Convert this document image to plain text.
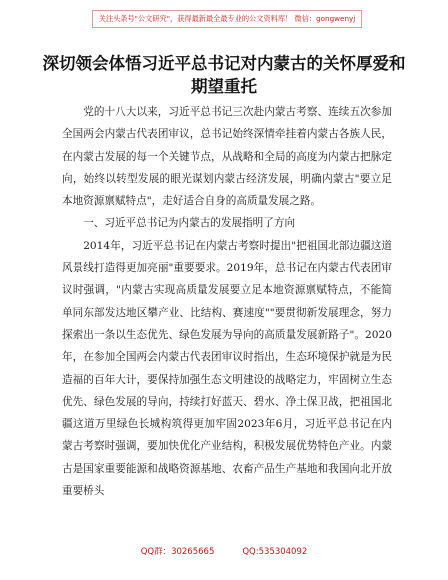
关注头条号"公文研究"，获得最新最全最专业的公文资料库！ 微信：gongwenyj
深切领会体悟习近平总书记对内蒙古的关怀厚爱和期望重托

党的十八大以来，习近平总书记三次赴内蒙古考察、连续五次参加全国两会内蒙古代表团审议，总书记始终深情牵挂着内蒙古各族人民，在内蒙古发展的每一个关键节点，从战略和全局的高度为内蒙古把脉定向，始终以转型发展的眼光谋划内蒙古经济发展，明确内蒙古"要立足本地资源禀赋特点"，走好适合自身的高质量发展之路。

一、习近平总书记为内蒙古的发展指明了方向

2014年，习近平总书记在内蒙古考察时提出"把祖国北部边疆这道风景线打造得更加亮丽"重要要求。2019年，总书记在内蒙古代表团审议时强调，"内蒙古实现高质量发展要立足本地资源禀赋特点，不能简单同东部发达地区攀产业、比结构、赛速度""要贯彻新发展理念，努力探索出一条以生态优先、绿色发展为导向的高质量发展新路子"。2020年，在参加全国两会内蒙古代表团审议时指出，生态环境保护就是为民造福的百年大计，要保持加强生态文明建设的战略定力，牢固树立生态优先、绿色发展的导向，持续打好蓝天、碧水、净土保卫战，把祖国北疆这道万里绿色长城构筑得更加牢固2023年6月，习近平总书记在内蒙古考察时强调，要加快优化产业结构，积极发展优势特色产业。内蒙古是国家重要能源和战略资源基地、农畜产品生产基地和我国向北开放重要桥头

QQ群：30265665	QQ:535304092
